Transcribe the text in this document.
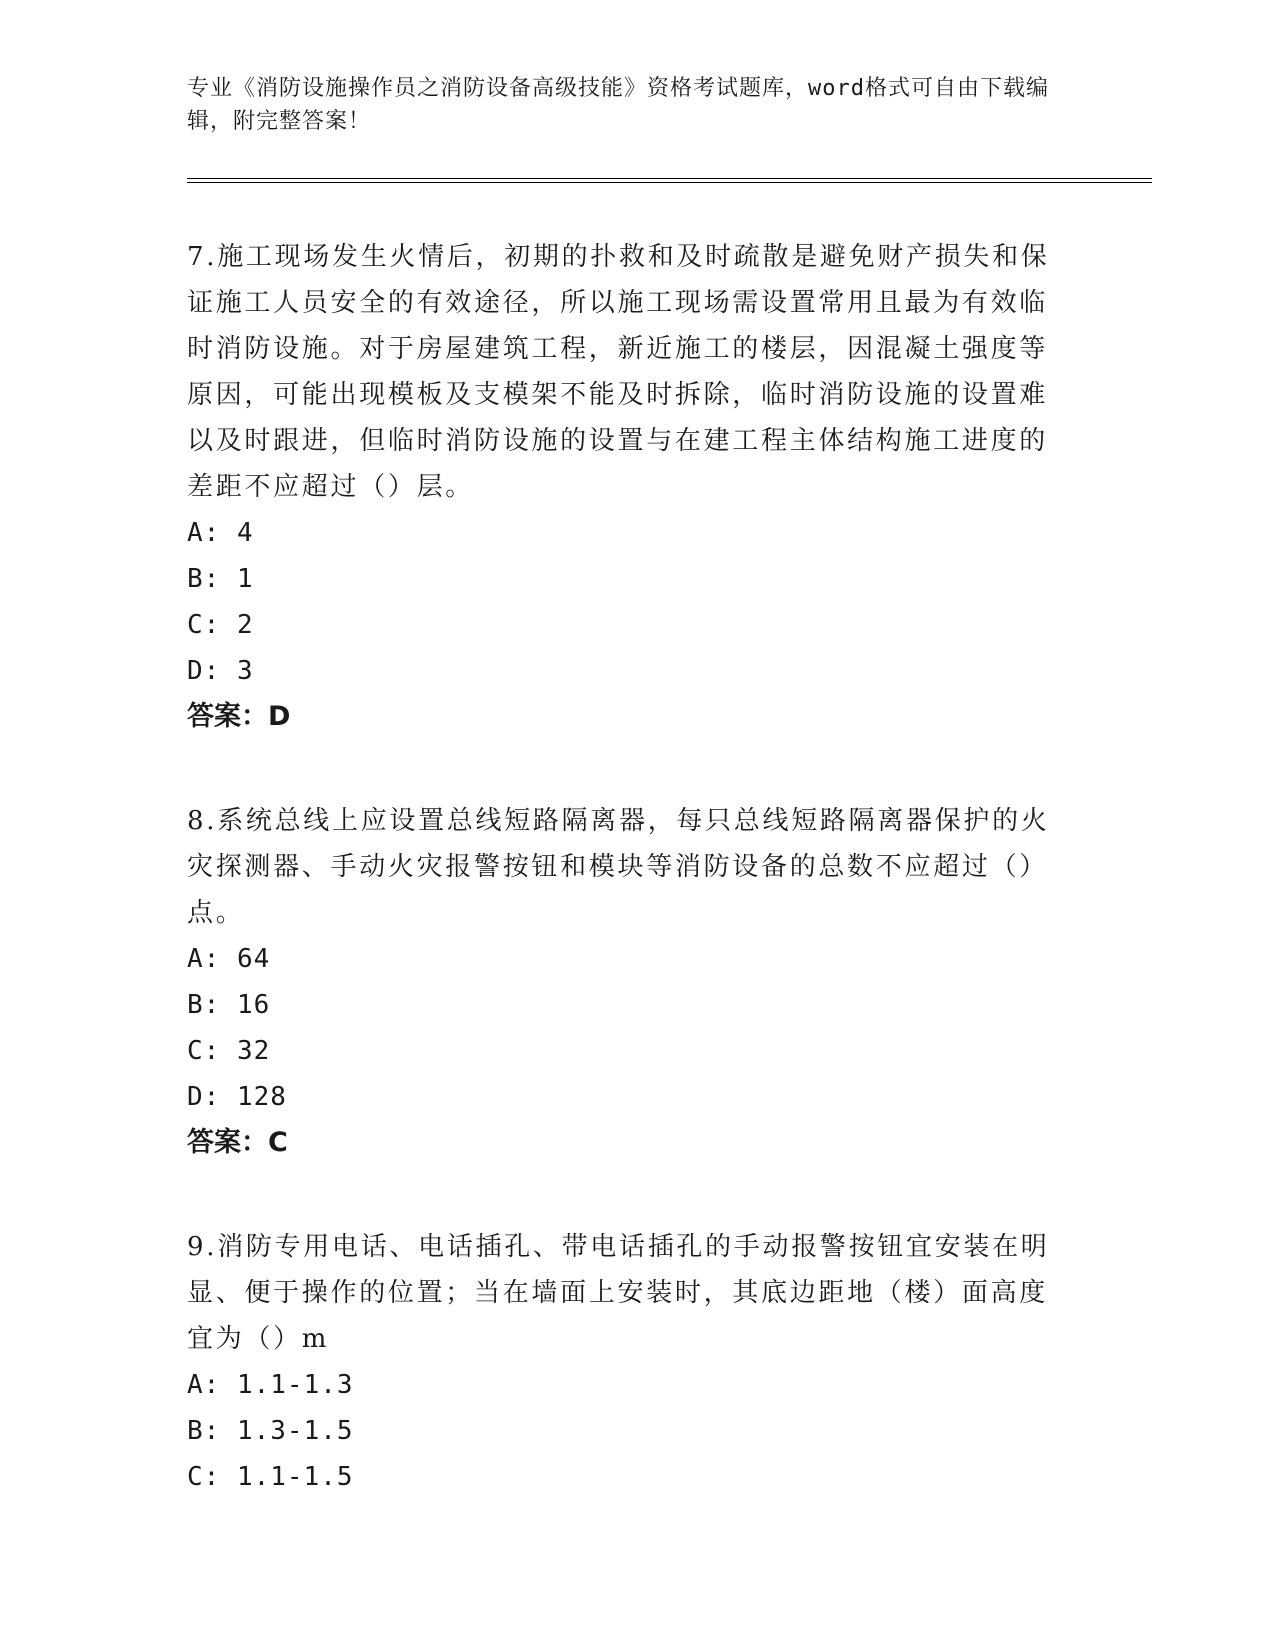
专业《消防设施操作员之消防设备高级技能》资格考试题库，word格式可自由下载编辑，附完整答案！

7.施工现场发生火情后，初期的扑救和及时疏散是避免财产损失和保证施工人员安全的有效途径，所以施工现场需设置常用且最为有效临时消防设施。对于房屋建筑工程，新近施工的楼层，因混凝土强度等原因，可能出现模板及支模架不能及时拆除，临时消防设施的设置难以及时跟进，但临时消防设施的设置与在建工程主体结构施工进度的差距不应超过（）层。

A: 4

B: 1

C: 2

D: 3

答案：D

8.系统总线上应设置总线短路隔离器，每只总线短路隔离器保护的火灾探测器、手动火灾报警按钮和模块等消防设备的总数不应超过（）点。

A: 64

B: 16

C: 32

D: 128

答案：C

9.消防专用电话、电话插孔、带电话插孔的手动报警按钮宜安装在明显、便于操作的位置；当在墙面上安装时，其底边距地（楼）面高度宜为（）m

A: 1.1-1.3

B: 1.3-1.5

C: 1.1-1.5
